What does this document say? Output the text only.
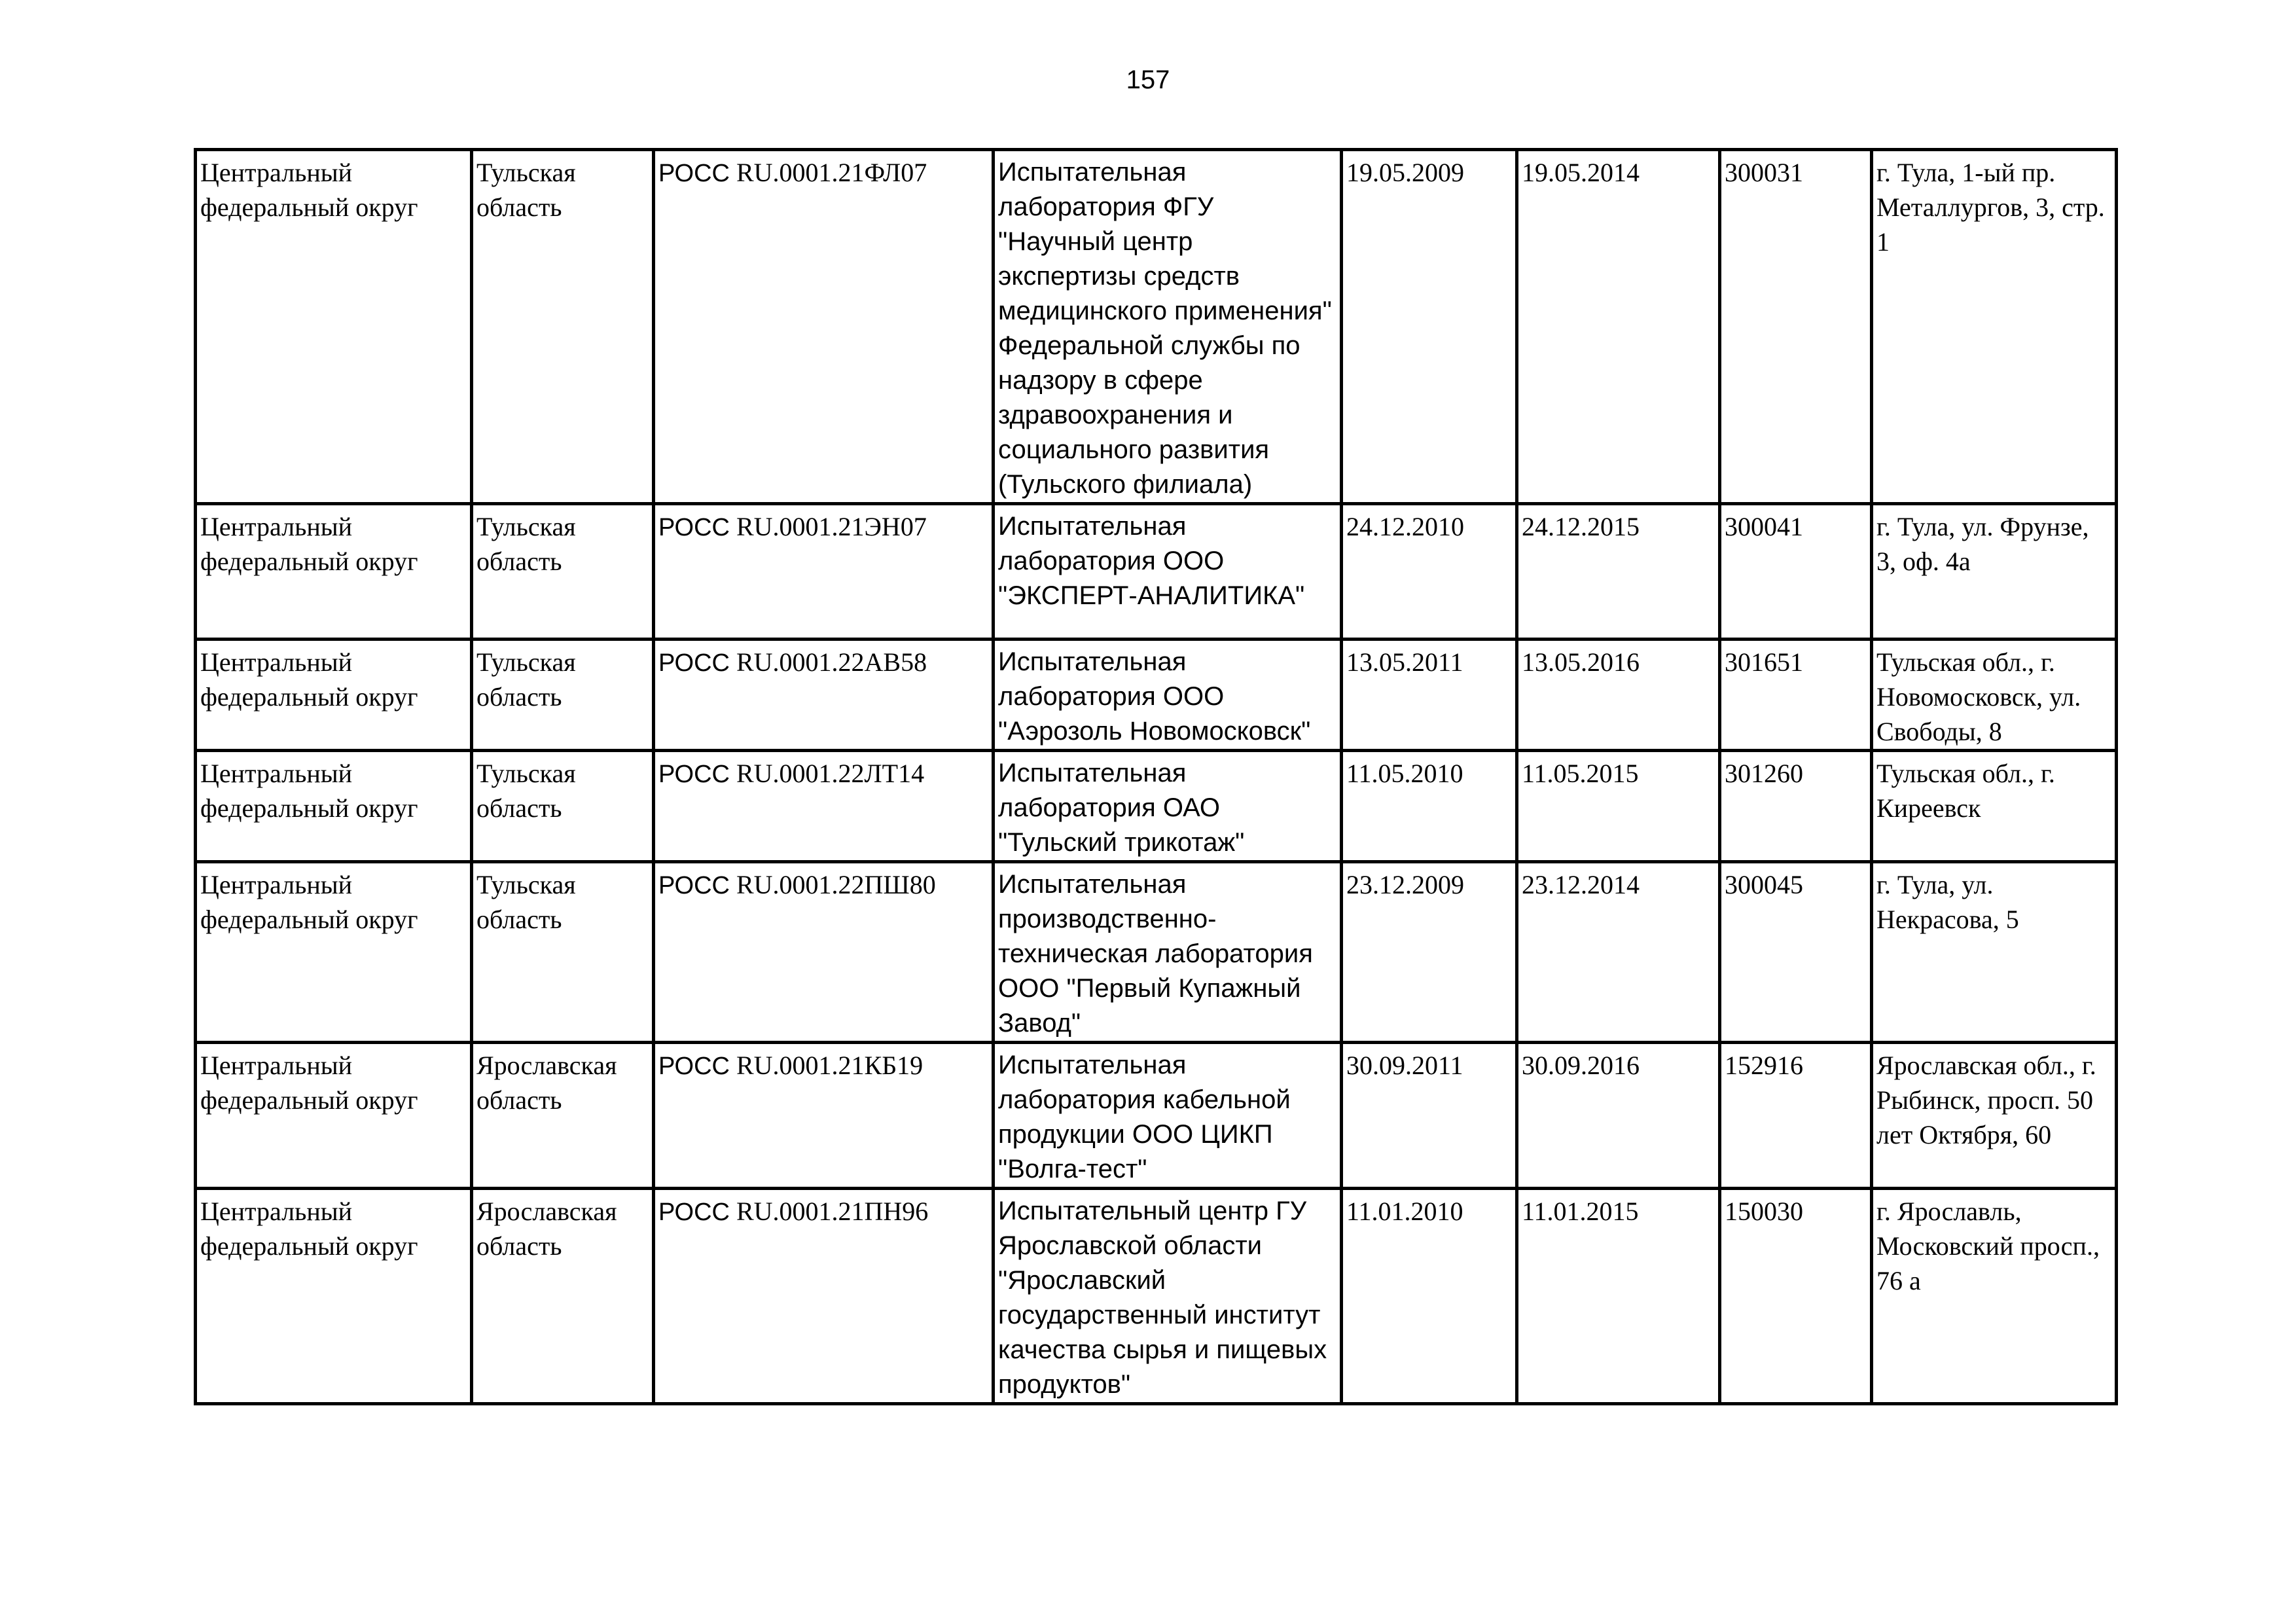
157
Центральный федеральный округ	Тульская область	РОСС RU.0001.21ФЛ07	Испытательная лаборатория ФГУ "Научный центр экспертизы средств медицинского применения" Федеральной службы по надзору в сфере здравоохранения и социального развития (Тульского филиала)	19.05.2009	19.05.2014	300031	г. Тула, 1-ый пр. Металлургов, 3, стр. 1
Центральный федеральный округ	Тульская область	РОСС RU.0001.21ЭН07	Испытательная лаборатория ООО "ЭКСПЕРТ-АНАЛИТИКА"	24.12.2010	24.12.2015	300041	г. Тула, ул. Фрунзе, 3, оф. 4а
Центральный федеральный округ	Тульская область	РОСС RU.0001.22АВ58	Испытательная лаборатория ООО "Аэрозоль Новомосковск"	13.05.2011	13.05.2016	301651	Тульская обл., г. Новомосковск, ул. Свободы, 8
Центральный федеральный округ	Тульская область	РОСС RU.0001.22ЛТ14	Испытательная лаборатория ОАО "Тульский трикотаж"	11.05.2010	11.05.2015	301260	Тульская обл., г. Киреевск
Центральный федеральный округ	Тульская область	РОСС RU.0001.22ПШ80	Испытательная производственно-техническая лаборатория ООО "Первый Купажный Завод"	23.12.2009	23.12.2014	300045	г. Тула, ул. Некрасова, 5
Центральный федеральный округ	Ярославская область	РОСС RU.0001.21КБ19	Испытательная лаборатория кабельной продукции ООО ЦИКП "Волга-тест"	30.09.2011	30.09.2016	152916	Ярославская обл., г. Рыбинск, просп. 50 лет Октября, 60
Центральный федеральный округ	Ярославская область	РОСС RU.0001.21ПН96	Испытательный центр ГУ Ярославской области "Ярославский государственный институт качества сырья и пищевых продуктов"	11.01.2010	11.01.2015	150030	г. Ярославль, Московский просп., 76 а
